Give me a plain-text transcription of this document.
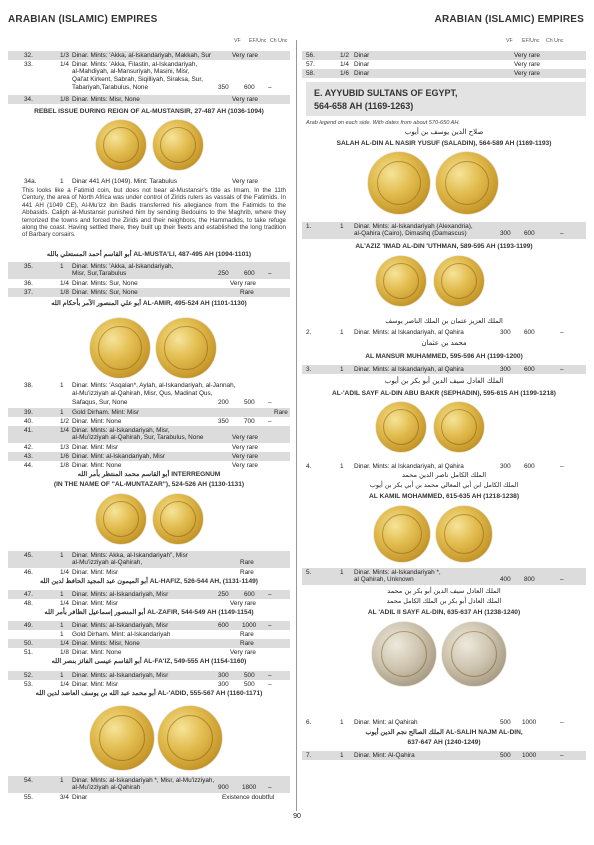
ARABIAN (ISLAMIC) EMPIRES	ARABIAN (ISLAMIC) EMPIRES
VF EF/Unc Ch Unc
32.	1/3 Dinar. Mints: 'Akka, al-Iskandariyah, Makkah, Sur	Very rare
33.	1/4 Dinar. Mints: 'Akka, Filastin, al-Iskandariyah,
al-Mahdiyah, al-Mansuriyah, Masini, Misr,
Qal'at Kirkent, Sabrah, Siqilliyah, Siraksa, Sur,
Tabariyah,Tarabulus, None	350 600 –
34.	1/8 Dinar. Mints: Misr, None	Very rare
REBEL ISSUE DURING REIGN OF AL-MUSTANSIR, 27-487 AH (1036-1094)
34a.	1 Dinar 441 AH (1049). Mint: Tarabulus	Very rare
This looks like a Fatimid coin, but does not bear al-Mustansir's title as Imam. In the 11th Century, the area of North Africa was under control of Zirids rulers as vassals of the Fatimids. In 441 AH (1049 CE), Al-Mu'izz ibn Badis transferred his allegiance from the Fatimids to the Abbasids. Caliph al-Mustansir punished him by sending Bedouins to the Maghrib, where they terrorized the towns and forced the Zirids and their neighbors, the Hammadids, to take refuge along the coast. Having settled there, they built up their fleets and established the long tradition of Barbary corsairs.
أبو القاسم أحمد المستعلي بالله AL-MUSTA'LI, 487-495 AH (1094-1101)
35.	1 Dinar. Mints: 'Akka, al-Iskandariyah,
Misr, Sur,Tarabulus	250 600 –
36.	1/4 Dinar. Mints: Sur, None	Very rare
37.	1/8 Dinar. Mints: Sur, None	Rare
أبو علي المنصور الآمر بأحكام الله AL-AMIR, 495-524 AH (1101-1130)
38.	1 Dinar. Mints: 'Asqalan*, Aylah, al-Iskandariyah, al-Jannah,
al-Mu'izziyah al-Qahirah, Misr, Qus, Madinat Qus,
Safaqus, Sur, None	200 500 –
39.	1 Gold Dirham. Mint: Misr	Rare
40.	1/2 Dinar. Mint: None	350 700 –
41.	1/4 Dinar. Mints: al-Iskandariyah, Misr,
al-Mu'izziyah al-Qahirah, Sur, Tarabulus, None	Very rare
42.	1/3 Dinar. Mint: Misr	Very rare
43.	1/6 Dinar. Mint: al-Iskandariyah, Misr	Very rare
44.	1/8 Dinar. Mint: None	Very rare
أبو القاسم محمد المنتظر بأمر الله INTERREGNUM
(IN THE NAME OF "AL-MUNTAZAR"), 524-526 AH (1130-1131)
45.	1 Dinar. Mints: Akka, al-Iskandariyah", Misr
al-Mu'izziyah al-Qahirah,	Rare
46.	1/4 Dinar. Mint: Misr	Rare
أبو الميمون عبد المجيد الحافظ لدين الله AL-HAFIZ, 526-544 AH, (1131-1149)
47.	1 Dinar. Mints: al-Iskandariyah, Misr	250 600 –
48.	1/4 Dinar. Mint: Misr	Very rare
أبو المنصور إسماعيل الظافر بأمر الله AL-ZAFIR, 544-549 AH (1149-1154)
49.	1 Dinar. Mints: al-Iskandariyah, Misr	600 1000 –
1 Gold Dirham. Mint: al-Iskandariyah	Rare
50.	1/4 Dinar. Mints: Misr, None	Rare
51.	1/8 Dinar. Mint: None	Very rare
أبو القاسم عيسى الفائز بنصر الله AL-FA'IZ, 549-555 AH (1154-1160)
52.	1 Dinar. Mints: al-Iskandariyah, Misr	300 500 –
53.	1/4 Dinar. Mint: Misr	300 500 –
أبو محمد عبد الله بن يوسف العاضد لدين الله AL-'ADID, 555-567 AH (1160-1171)
54.	1 Dinar. Mints: al-Iskandariyah *, Misr, al-Mu'izziyah,
al-Mu'izziyah al-Qahirah	900 1800 –
55.	3/4 Dinar	Existence doubtful
VF EF/Unc Ch Unc
56.	1/2 Dinar	Very rare
57.	1/4 Dinar	Very rare
58.	1/6 Dinar	Very rare
E. AYYUBID SULTANS OF EGYPT,
564-658 AH (1169-1263)
Arab legend on each side. With dates from about 570-650 AH.
صلاح الدين يوسف بن أيوب
SALAH AL-DIN AL NASIR YUSUF (SALADIN), 564-589 AH (1169-1193)
1.	1 Dinar. Mints: al-Iskandariyah (Alexandria),
al-Qahira (Cairo), Dimashq (Damascus)	300 600	–
AL'AZIZ 'IMAD AL-DIN 'UTHMAN, 589-595 AH (1193-1199)
الملك العزيز عثمان بن الملك الناصر يوسف
2.	1 Dinar. Mints: al Iskandariyah, al Qahira	300 600	–
محمد بن عثمان
AL MANSUR MUHAMMED, 595-596 AH (1199-1200)
3.	1 Dinar. Mints: al Iskandariyah, al Qahira	300 600	–
الملك العادل سيف الدين أبو بكر بن أيوب
AL-'ADIL SAYF AL-DIN ABU BAKR (SEPHADIN), 595-615 AH (1199-1218)
4.	1 Dinar. Mints: al Iskandariyah, al Qahira	300 600	–
الملك الكامل ناصر الدين محمد
الملك الكامل ابن أبي المعالي محمد بن أبي بكر بن أيوب
AL KAMIL MOHAMMED, 615-635 AH (1218-1238)
5.	1 Dinar. Mints: al-Iskandariyah *,
al Qahirah, Unknown	400 800	–
الملك العادل سيف الدين أبو بكر بن محمد
الملك العادل أبو بكر بن الملك الكامل محمد
AL 'ADIL II SAYF AL-DIN, 635-637 AH (1238-1240)
6.	1 Dinar. Mint: al Qahirah	500 1000	–
الملك الصالح نجم الدين أيوب AL-SALIH NAJM AL-DIN,
637-647 AH (1240-1249)
7.	1 Dinar. Mint: Al-Qahira	500 1000	–
90
